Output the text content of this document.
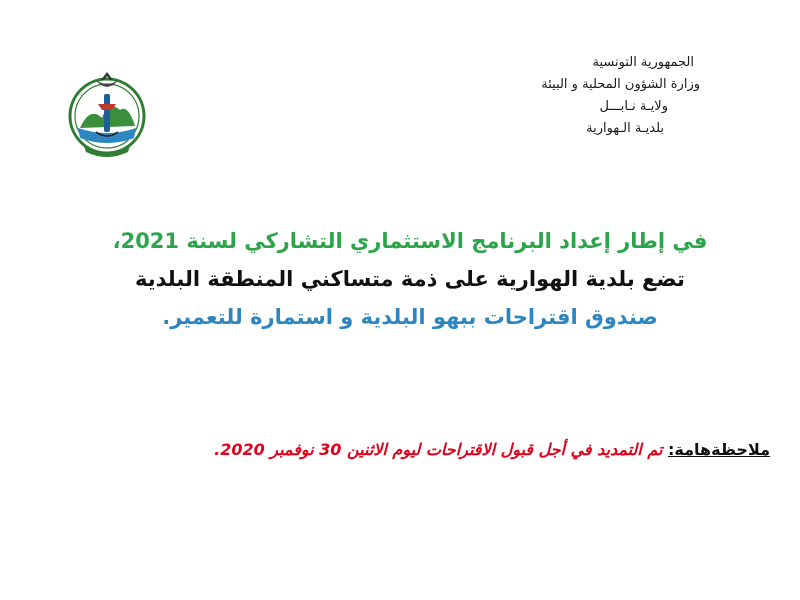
الجمهورية التونسية
وزارة الشؤون المحلية و البيئة
ولايـة نـابـــل
بلديـة الـهوارية
في إطار إعداد البرنامج الاستثماري التشاركي لسنة 2021،
تضع بلدية الهوارية على ذمة متساكني المنطقة البلدية
صندوق اقتراحات ببهو البلدية و استمارة للتعمير.
ملاحظةهامة: تم التمديد في أجل قبول الاقتراحات ليوم الاثنين 30 نوفمبر 2020.
